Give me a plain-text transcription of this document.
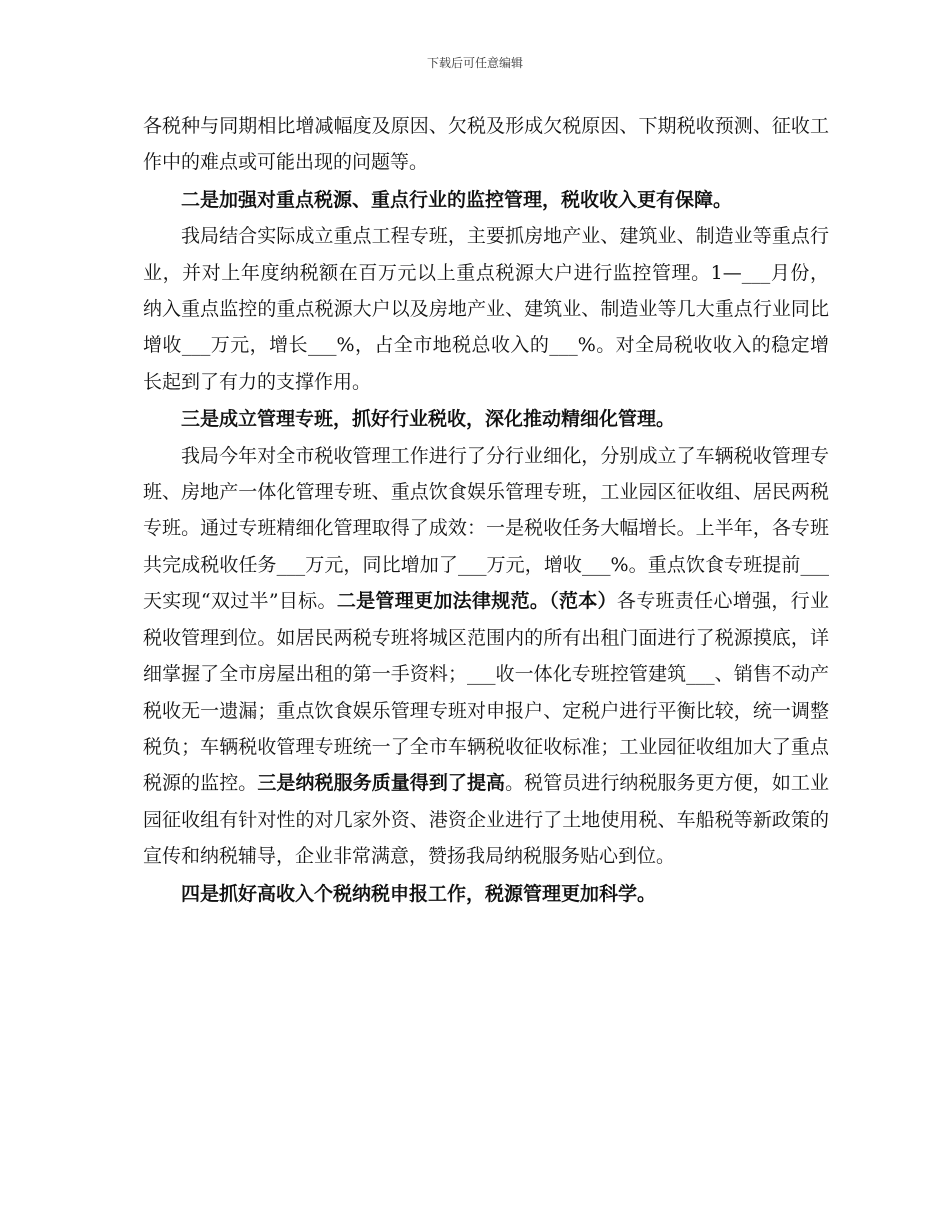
下载后可任意编辑

各税种与同期相比增减幅度及原因、欠税及形成欠税原因、下期税收预测、征收工作中的难点或可能出现的问题等。

二是加强对重点税源、重点行业的监控管理，税收收入更有保障。

我局结合实际成立重点工程专班，主要抓房地产业、建筑业、制造业等重点行业，并对上年度纳税额在百万元以上重点税源大户进行监控管理。1—___月份，纳入重点监控的重点税源大户以及房地产业、建筑业、制造业等几大重点行业同比增收___万元，增长___%，占全市地税总收入的___%。对全局税收收入的稳定增长起到了有力的支撑作用。

三是成立管理专班，抓好行业税收，深化推动精细化管理。

我局今年对全市税收管理工作进行了分行业细化，分别成立了车辆税收管理专班、房地产一体化管理专班、重点饮食娱乐管理专班，工业园区征收组、居民两税专班。通过专班精细化管理取得了成效：一是税收任务大幅增长。上半年，各专班共完成税收任务___万元，同比增加了___万元，增收___%。重点饮食专班提前___天实现“双过半”目标。二是管理更加法律规范。（范本）各专班责任心增强，行业税收管理到位。如居民两税专班将城区范围内的所有出租门面进行了税源摸底，详细掌握了全市房屋出租的第一手资料；___收一体化专班控管建筑___、销售不动产税收无一遗漏；重点饮食娱乐管理专班对申报户、定税户进行平衡比较，统一调整税负；车辆税收管理专班统一了全市车辆税收征收标准；工业园征收组加大了重点税源的监控。三是纳税服务质量得到了提高。税管员进行纳税服务更方便，如工业园征收组有针对性的对几家外资、港资企业进行了土地使用税、车船税等新政策的宣传和纳税辅导，企业非常满意，赞扬我局纳税服务贴心到位。

四是抓好高收入个税纳税申报工作，税源管理更加科学。
